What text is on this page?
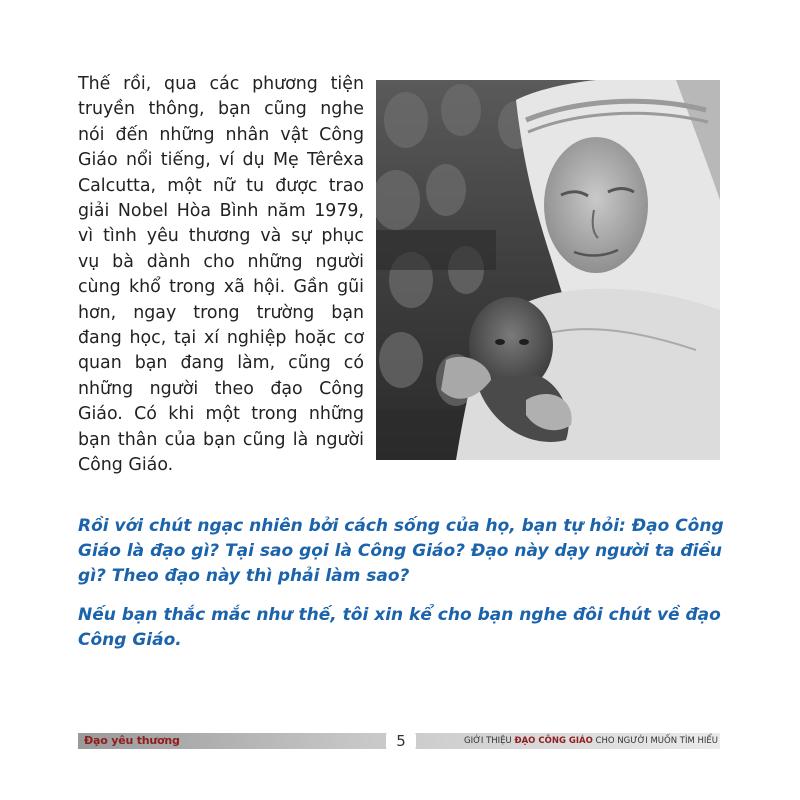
Thế rồi, qua các phương tiện truyền thông, bạn cũng nghe nói đến những nhân vật Công Giáo nổi tiếng, ví dụ Mẹ Têrêxa Calcutta, một nữ tu được trao giải Nobel Hòa Bình năm 1979, vì tình yêu thương và sự phục vụ bà dành cho những người cùng khổ trong xã hội. Gần gũi hơn, ngay trong trường bạn đang học, tại xí nghiệp hoặc cơ quan bạn đang làm, cũng có những người theo đạo Công Giáo. Có khi một trong những bạn thân của bạn cũng là người Công Giáo.
Rồi với chút ngạc nhiên bởi cách sống của họ, bạn tự hỏi: Đạo Công Giáo là đạo gì? Tại sao gọi là Công Giáo? Đạo này dạy người ta điều gì? Theo đạo này thì phải làm sao?
Nếu bạn thắc mắc như thế, tôi xin kể cho bạn nghe đôi chút về đạo Công Giáo.
Đạo yêu thương	5	GIỚI THIỆU ĐẠO CÔNG GIÁO CHO NGƯỜI MUỐN TÌM HIỂU
